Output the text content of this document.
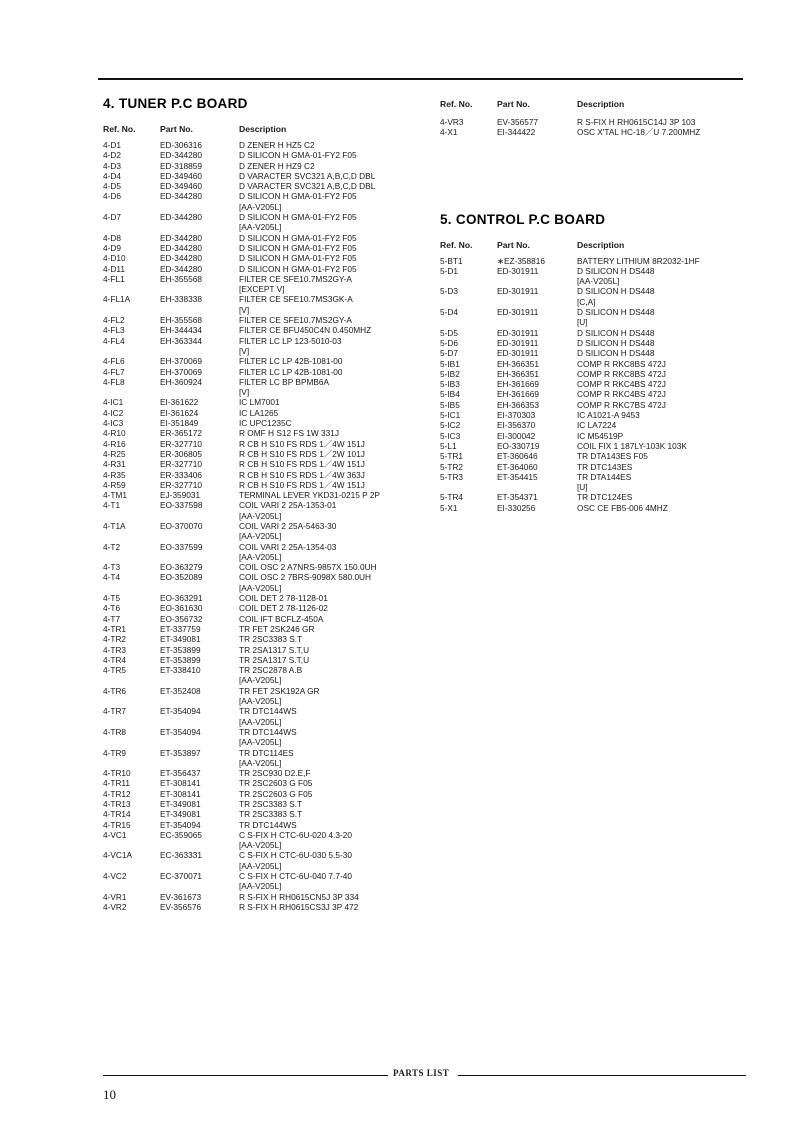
4. TUNER P.C BOARD
Ref. No.	Part No.	Description
4-D1	ED-306316	D ZENER H HZ5 C2
4-D2	ED-344280	D SILICON H GMA-01-FY2 F05
4-D3	ED-318859	D ZENER H HZ9 C2
4-D4	ED-349460	D VARACTER SVC321 A,B,C,D DBL
4-D5	ED-349460	D VARACTER SVC321 A,B,C,D DBL
4-D6	ED-344280	D SILICON H GMA-01-FY2 F05
[AA-V205L]
4-D7	ED-344280	D SILICON H GMA-01-FY2 F05
[AA-V205L]
4-D8	ED-344280	D SILICON H GMA-01-FY2 F05
4-D9	ED-344280	D SILICON H GMA-01-FY2 F05
4-D10	ED-344280	D SILICON H GMA-01-FY2 F05
4-D11	ED-344280	D SILICON H GMA-01-FY2 F05
4-FL1	EH-355568	FILTER CE SFE10.7MS2GY-A
[EXCEPT V]
4-FL1A	EH-338338	FILTER CE SFE10.7MS3GK-A
[V]
4-FL2	EH-355568	FILTER CE SFE10.7MS2GY-A
4-FL3	EH-344434	FILTER CE BFU450C4N 0.450MHZ
4-FL4	EH-363344	FILTER LC LP 123-5010-03
[V]
4-FL6	EH-370069	FILTER LC LP 42B-1081-00
4-FL7	EH-370069	FILTER LC LP 42B-1081-00
4-FL8	EH-360924	FILTER LC BP BPMB6A
[V]
4-IC1	EI-361622	IC LM7001
4-IC2	EI-361624	IC LA1265
4-IC3	EI-351849	IC UPC1235C
4-R10	ER-365172	R OMF H S12 FS 1W 331J
4-R16	ER-327710	R CB H S10 FS RDS 1／4W 151J
4-R25	ER-306805	R CB H S10 FS RDS 1／2W 101J
4-R31	ER-327710	R CB H S10 FS RDS 1／4W 151J
4-R35	ER-333406	R CB H S10 FS RDS 1／4W 363J
4-R59	ER-327710	R CB H S10 FS RDS 1／4W 151J
4-TM1	EJ-359031	TERMINAL LEVER YKD31-0215 P 2P
4-T1	EO-337598	COIL VARI 2 25A-1353-01
[AA-V205L]
4-T1A	EO-370070	COIL VARI 2 25A-5463-30
[AA-V205L]
4-T2	EO-337599	COIL VARI 2 25A-1354-03
[AA-V205L]
4-T3	EO-363279	COIL OSC 2 A7NRS-9857X 150.0UH
4-T4	EO-352089	COIL OSC 2 7BRS-9098X 580.0UH
[AA-V205L]
4-T5	EO-363291	COIL DET 2 78-1128-01
4-T6	EO-361630	COIL DET 2 78-1126-02
4-T7	EO-356732	COIL IFT BCFLZ-450A
4-TR1	ET-337759	TR FET 2SK246 GR
4-TR2	ET-349081	TR 2SC3383 S.T
4-TR3	ET-353899	TR 2SA1317 S.T,U
4-TR4	ET-353899	TR 2SA1317 S.T,U
4-TR5	ET-338410	TR 2SC2878 A.B
[AA-V205L]
4-TR6	ET-352408	TR FET 2SK192A GR
[AA-V205L]
4-TR7	ET-354094	TR DTC144WS
[AA-V205L]
4-TR8	ET-354094	TR DTC144WS
[AA-V205L]
4-TR9	ET-353897	TR DTC114ES
[AA-V205L]
4-TR10	ET-356437	TR 2SC930 D2.E,F
4-TR11	ET-308141	TR 2SC2603 G F05
4-TR12	ET-308141	TR 2SC2603 G F05
4-TR13	ET-349081	TR 2SC3383 S.T
4-TR14	ET-349081	TR 2SC3383 S.T
4-TR15	ET-354094	TR DTC144WS
4-VC1	EC-359065	C S-FIX H CTC-6U-020 4.3-20
[AA-V205L]
4-VC1A	EC-363331	C S-FIX H CTC-6U-030 5.5-30
[AA-V205L]
4-VC2	EC-370071	C S-FIX H CTC-6U-040 7.7-40
[AA-V205L]
4-VR1	EV-361673	R S-FIX H RH0615CN5J 3P 334
4-VR2	EV-356576	R S-FIX H RH0615CS3J 3P 472
Ref. No.	Part No.	Description
4-VR3	EV-356577	R S-FIX H RH0615C14J 3P 103
4-X1	EI-344422	OSC X'TAL HC-18／U 7.200MHZ
5. CONTROL P.C BOARD
Ref. No.	Part No.	Description
5-BT1	∗EZ-358816	BATTERY LITHIUM 8R2032-1HF
5-D1	ED-301911	D SILICON H DS448
[AA-V205L]
5-D3	ED-301911	D SILICON H DS448
[C,A]
5-D4	ED-301911	D SILICON H DS448
[U]
5-D5	ED-301911	D SILICON H DS448
5-D6	ED-301911	D SILICON H DS448
5-D7	ED-301911	D SILICON H DS448
5-IB1	EH-366351	COMP R RKC8BS 472J
5-IB2	EH-366351	COMP R RKC8BS 472J
5-IB3	EH-361669	COMP R RKC4BS 472J
5-IB4	EH-361669	COMP R RKC4BS 472J
5-IB5	EH-366353	COMP R RKC7BS 472J
5-IC1	EI-370303	IC A1021-A 9453
5-IC2	EI-356370	IC LA7224
5-IC3	EI-300042	IC M54519P
5-L1	EO-330719	COIL FIX 1 187LY-103K 103K
5-TR1	ET-360646	TR DTA143ES F05
5-TR2	ET-364060	TR DTC143ES
5-TR3	ET-354415	TR DTA144ES
[U]
5-TR4	ET-354371	TR DTC124ES
5-X1	EI-330256	OSC CE FB5-006 4MHZ
PARTS LIST
10
